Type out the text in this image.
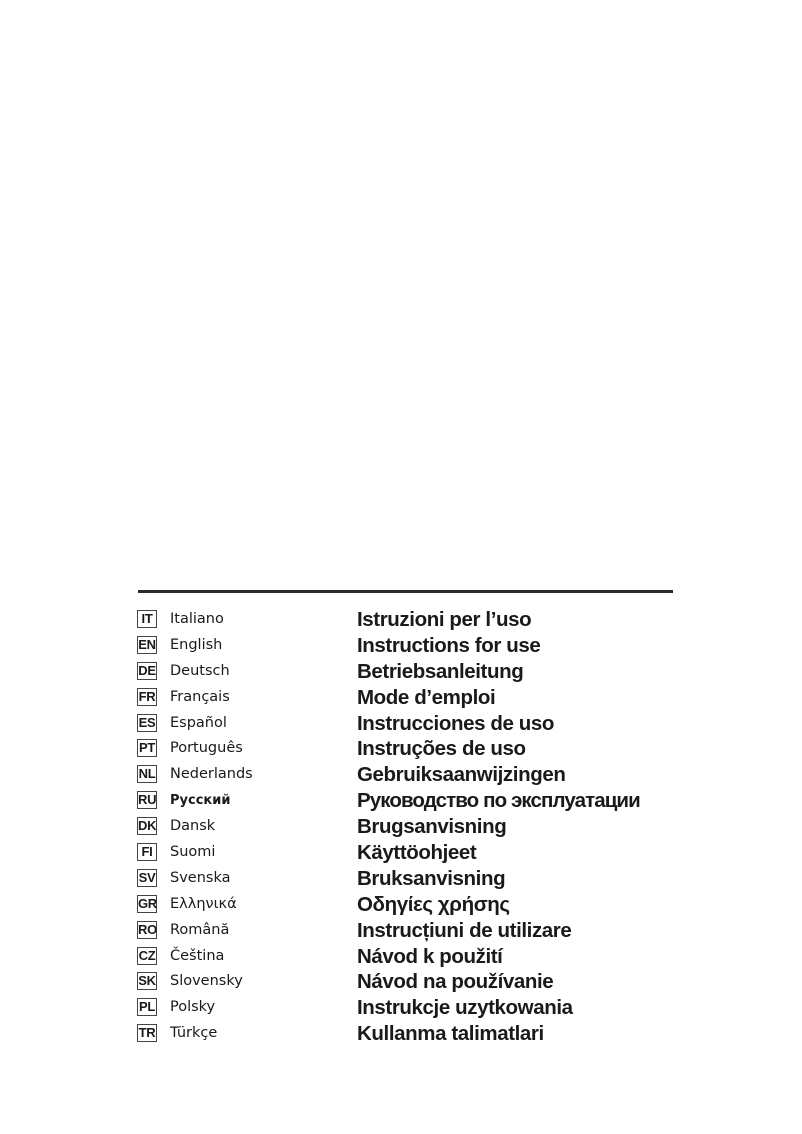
IT	Italiano	Istruzioni per l’uso
EN English	Instructions for use
DE Deutsch	Betriebsanleitung
FR Français	Mode d’emploi
ES Español	Instrucciones de uso
PT Português	Instruções de uso
NL Nederlands	Gebruiksaanwijzingen
RU Русский	Руководство по эксплуатации
DK Dansk	Brugsanvisning
FI	Suomi	Käyttöohjeet
SV Svenska	Bruksanvisning
GR Ελληνικά	Οδηγίες χρήσης
RO Română	Instrucțiuni de utilizare
CZ Čeština	Návod k použití
SK Slovensky	Návod na používanie
PL Polsky	Instrukcje uzytkowania
TR Türkçe	Kullanma talimatlari
